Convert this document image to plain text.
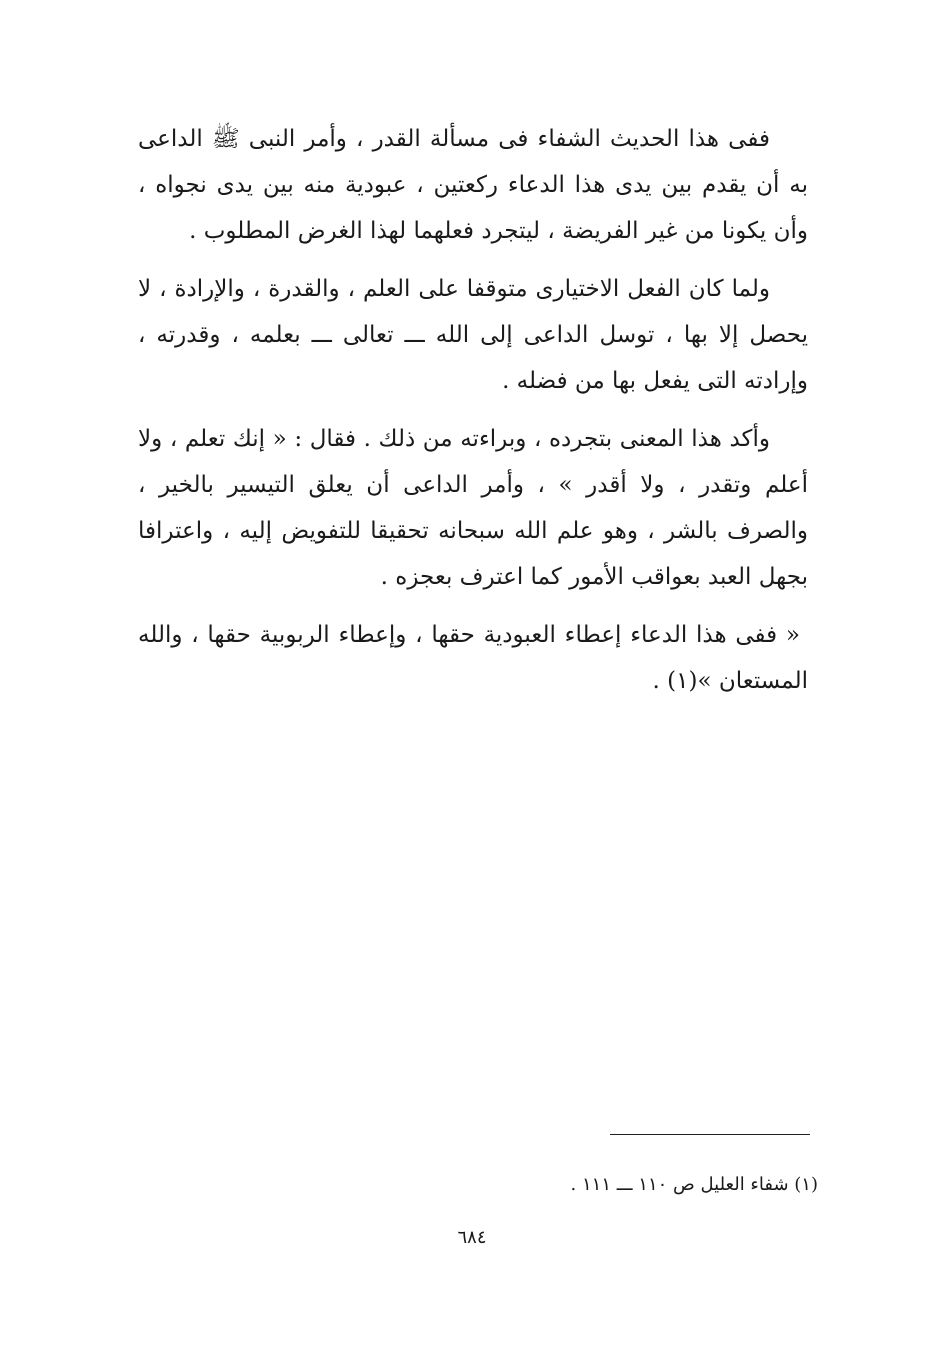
ففى هذا الحديث الشفاء فى مسألة القدر ، وأمر النبى ﷺ الداعى به أن يقدم بين يدى هذا الدعاء ركعتين ، عبودية منه بين يدى نجواه ، وأن يكونا من غير الفريضة ، ليتجرد فعلهما لهذا الغرض المطلوب .

ولما كان الفعل الاختيارى متوقفا على العلم ، والقدرة ، والإرادة ، لا يحصل إلا بها ، توسل الداعى إلى الله ـــ تعالى ـــ بعلمه ، وقدرته ، وإرادته التى يفعل بها من فضله .

وأكد هذا المعنى بتجرده ، وبراءته من ذلك . فقال : « إنك تعلم ، ولا أعلم وتقدر ، ولا أقدر » ، وأمر الداعى أن يعلق التيسير بالخير ، والصرف بالشر ، وهو علم الله سبحانه تحقيقا للتفويض إليه ، واعترافا بجهل العبد بعواقب الأمور كما اعترف بعجزه .

« ففى هذا الدعاء إعطاء العبودية حقها ، وإعطاء الربوبية حقها ، والله المستعان »(١) .

(١) شفاء العليل ص ١١٠ ـــ ١١١ .
٦٨٤
